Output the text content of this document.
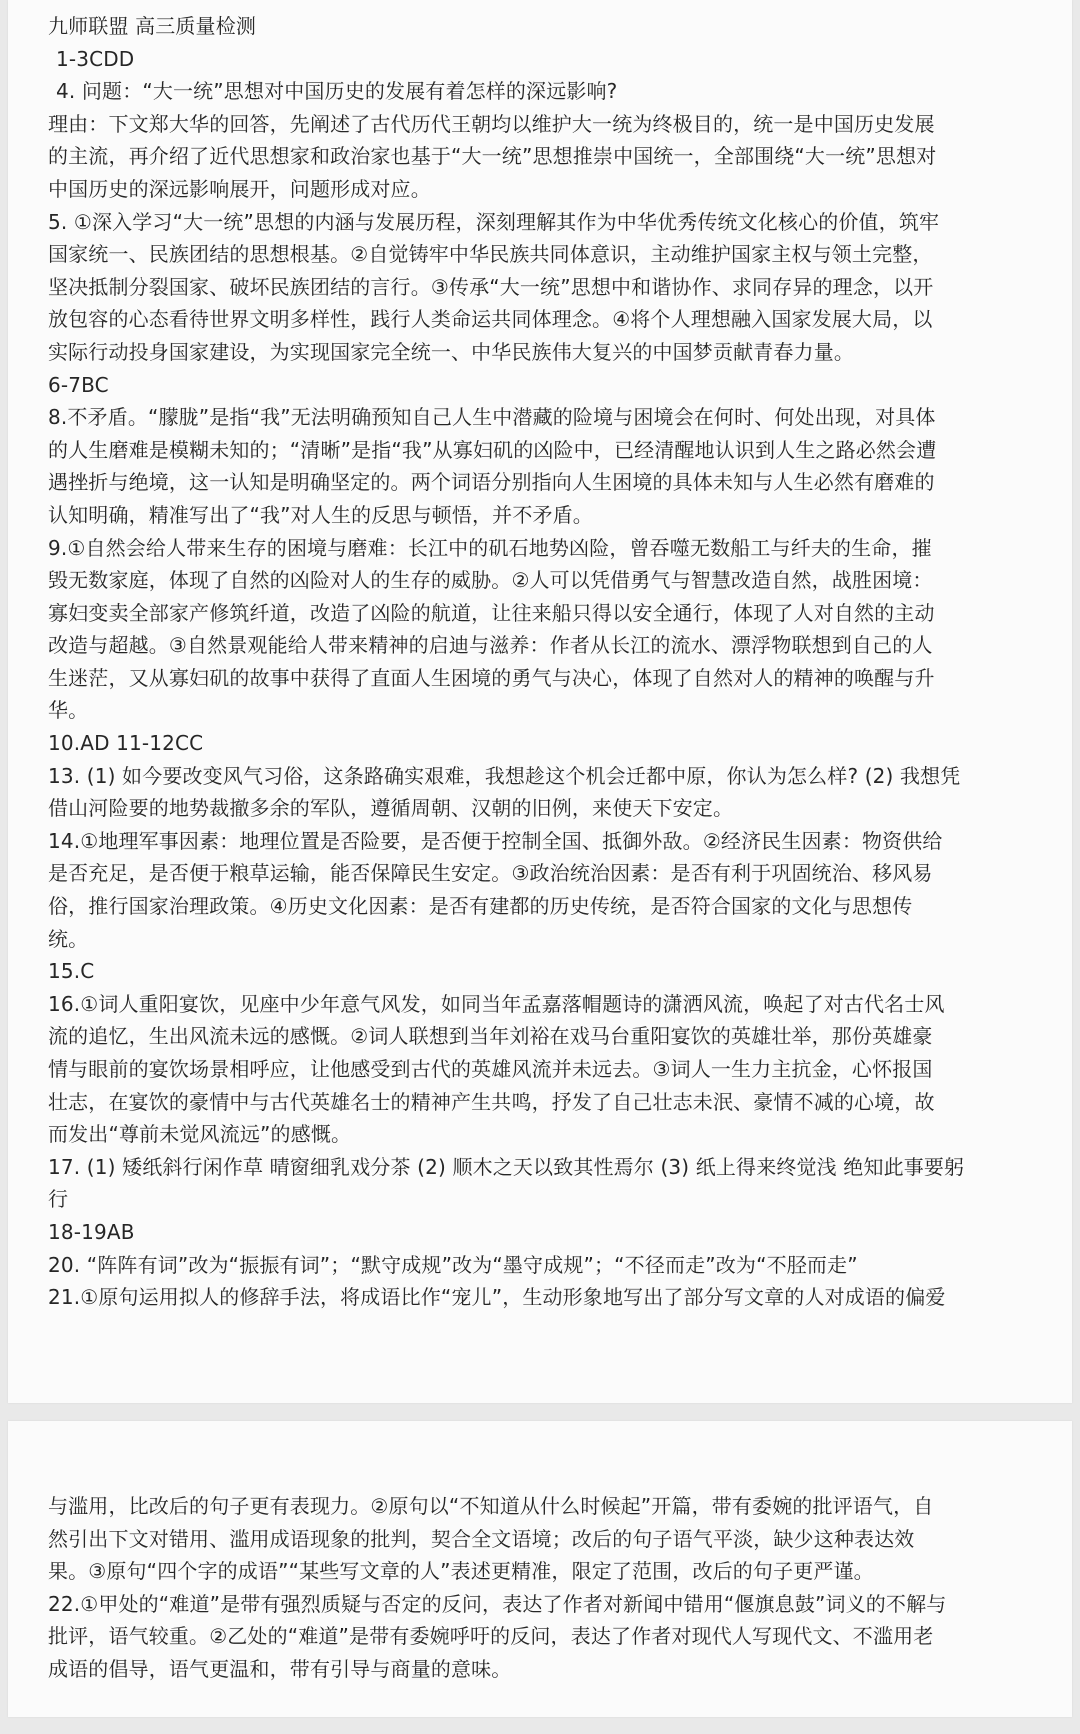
九师联盟 高三质量检测
1-3CDD
4. 问题：“大一统”思想对中国历史的发展有着怎样的深远影响?
理由：下文郑大华的回答，先阐述了古代历代王朝均以维护大一统为终极目的，统一是中国历史发展
的主流，再介绍了近代思想家和政治家也基于“大一统”思想推崇中国统一，全部围绕“大一统”思想对
中国历史的深远影响展开，问题形成对应。
5. ①深入学习“大一统”思想的内涵与发展历程，深刻理解其作为中华优秀传统文化核心的价值，筑牢
国家统一、民族团结的思想根基。②自觉铸牢中华民族共同体意识，主动维护国家主权与领土完整，
坚决抵制分裂国家、破坏民族团结的言行。③传承“大一统”思想中和谐协作、求同存异的理念，以开
放包容的心态看待世界文明多样性，践行人类命运共同体理念。④将个人理想融入国家发展大局，以
实际行动投身国家建设，为实现国家完全统一、中华民族伟大复兴的中国梦贡献青春力量。
6-7BC
8.不矛盾。“朦胧”是指“我”无法明确预知自己人生中潜藏的险境与困境会在何时、何处出现，对具体
的人生磨难是模糊未知的；“清晰”是指“我”从寡妇矶的凶险中，已经清醒地认识到人生之路必然会遭
遇挫折与绝境，这一认知是明确坚定的。两个词语分别指向人生困境的具体未知与人生必然有磨难的
认知明确，精准写出了“我”对人生的反思与顿悟，并不矛盾。
9.①自然会给人带来生存的困境与磨难：长江中的矶石地势凶险，曾吞噬无数船工与纤夫的生命，摧
毁无数家庭，体现了自然的凶险对人的生存的威胁。②人可以凭借勇气与智慧改造自然，战胜困境：
寡妇变卖全部家产修筑纤道，改造了凶险的航道，让往来船只得以安全通行，体现了人对自然的主动
改造与超越。③自然景观能给人带来精神的启迪与滋养：作者从长江的流水、漂浮物联想到自己的人
生迷茫，又从寡妇矶的故事中获得了直面人生困境的勇气与决心，体现了自然对人的精神的唤醒与升
华。
10.AD 11-12CC
13. (1) 如今要改变风气习俗，这条路确实艰难，我想趁这个机会迁都中原，你认为怎么样? (2) 我想凭
借山河险要的地势裁撤多余的军队，遵循周朝、汉朝的旧例，来使天下安定。
14.①地理军事因素：地理位置是否险要，是否便于控制全国、抵御外敌。②经济民生因素：物资供给
是否充足，是否便于粮草运输，能否保障民生安定。③政治统治因素：是否有利于巩固统治、移风易
俗，推行国家治理政策。④历史文化因素：是否有建都的历史传统，是否符合国家的文化与思想传
统。
15.C
16.①词人重阳宴饮，见座中少年意气风发，如同当年孟嘉落帽题诗的潇洒风流，唤起了对古代名士风
流的追忆，生出风流未远的感慨。②词人联想到当年刘裕在戏马台重阳宴饮的英雄壮举，那份英雄豪
情与眼前的宴饮场景相呼应，让他感受到古代的英雄风流并未远去。③词人一生力主抗金，心怀报国
壮志，在宴饮的豪情中与古代英雄名士的精神产生共鸣，抒发了自己壮志未泯、豪情不减的心境，故
而发出“尊前未觉风流远”的感慨。
17. (1) 矮纸斜行闲作草 晴窗细乳戏分茶 (2) 顺木之天以致其性焉尔 (3) 纸上得来终觉浅 绝知此事要躬
行
18-19AB
20. “阵阵有词”改为“振振有词”；“默守成规”改为“墨守成规”；“不径而走”改为“不胫而走”
21.①原句运用拟人的修辞手法，将成语比作“宠儿”，生动形象地写出了部分写文章的人对成语的偏爱
与滥用，比改后的句子更有表现力。②原句以“不知道从什么时候起”开篇，带有委婉的批评语气，自
然引出下文对错用、滥用成语现象的批判，契合全文语境；改后的句子语气平淡，缺少这种表达效
果。③原句“四个字的成语”“某些写文章的人”表述更精准，限定了范围，改后的句子更严谨。
22.①甲处的“难道”是带有强烈质疑与否定的反问，表达了作者对新闻中错用“偃旗息鼓”词义的不解与
批评，语气较重。②乙处的“难道”是带有委婉呼吁的反问，表达了作者对现代人写现代文、不滥用老
成语的倡导，语气更温和，带有引导与商量的意味。
